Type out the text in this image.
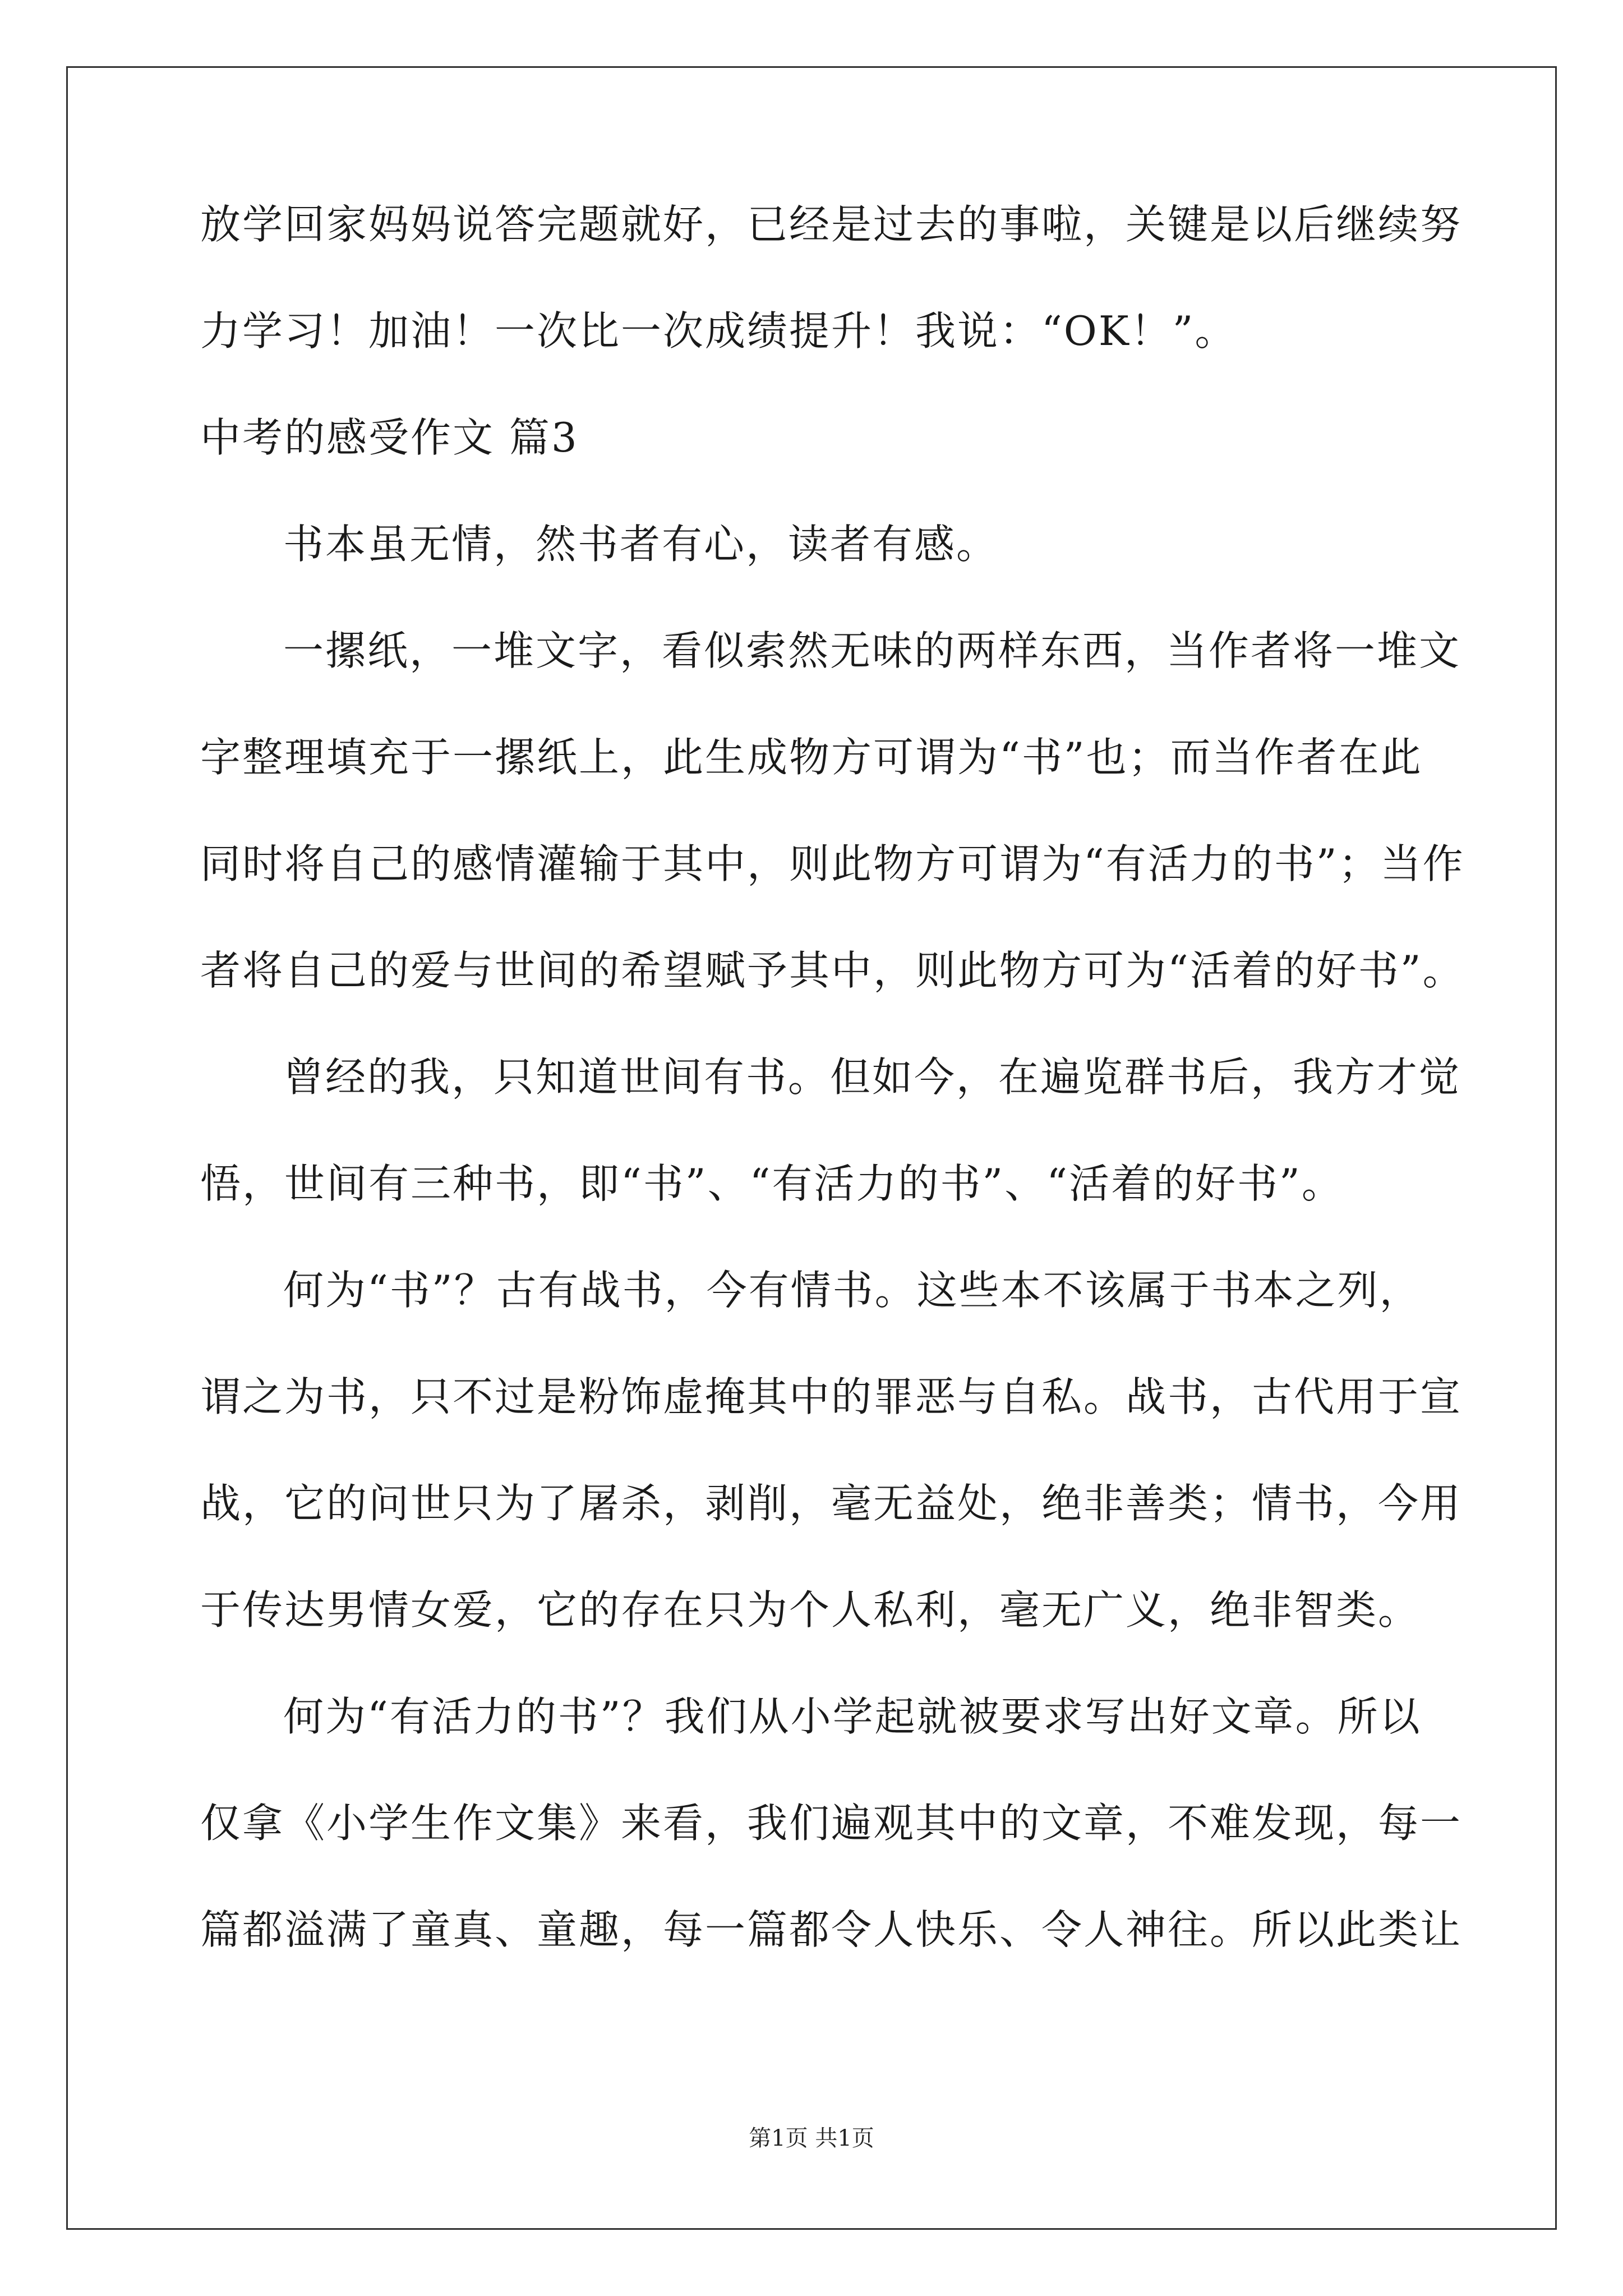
放学回家妈妈说答完题就好，已经是过去的事啦，关键是以后继续努
力学习！加油！一次比一次成绩提升！我说：“OK！”。
中考的感受作文 篇3
书本虽无情，然书者有心，读者有感。
一摞纸，一堆文字，看似索然无味的两样东西，当作者将一堆文
字整理填充于一摞纸上，此生成物方可谓为“书”也；而当作者在此
同时将自己的感情灌输于其中，则此物方可谓为“有活力的书”；当作
者将自己的爱与世间的希望赋予其中，则此物方可为“活着的好书”。
曾经的我，只知道世间有书。但如今，在遍览群书后，我方才觉
悟，世间有三种书，即“书”、“有活力的书”、“活着的好书”。
何为“书”？古有战书，今有情书。这些本不该属于书本之列，
谓之为书，只不过是粉饰虚掩其中的罪恶与自私。战书，古代用于宣
战，它的问世只为了屠杀，剥削，毫无益处，绝非善类；情书，今用
于传达男情女爱，它的存在只为个人私利，毫无广义，绝非智类。
何为“有活力的书”？我们从小学起就被要求写出好文章。所以
仅拿《小学生作文集》来看，我们遍观其中的文章，不难发现，每一
篇都溢满了童真、童趣，每一篇都令人快乐、令人神往。所以此类让
第1页 共1页
